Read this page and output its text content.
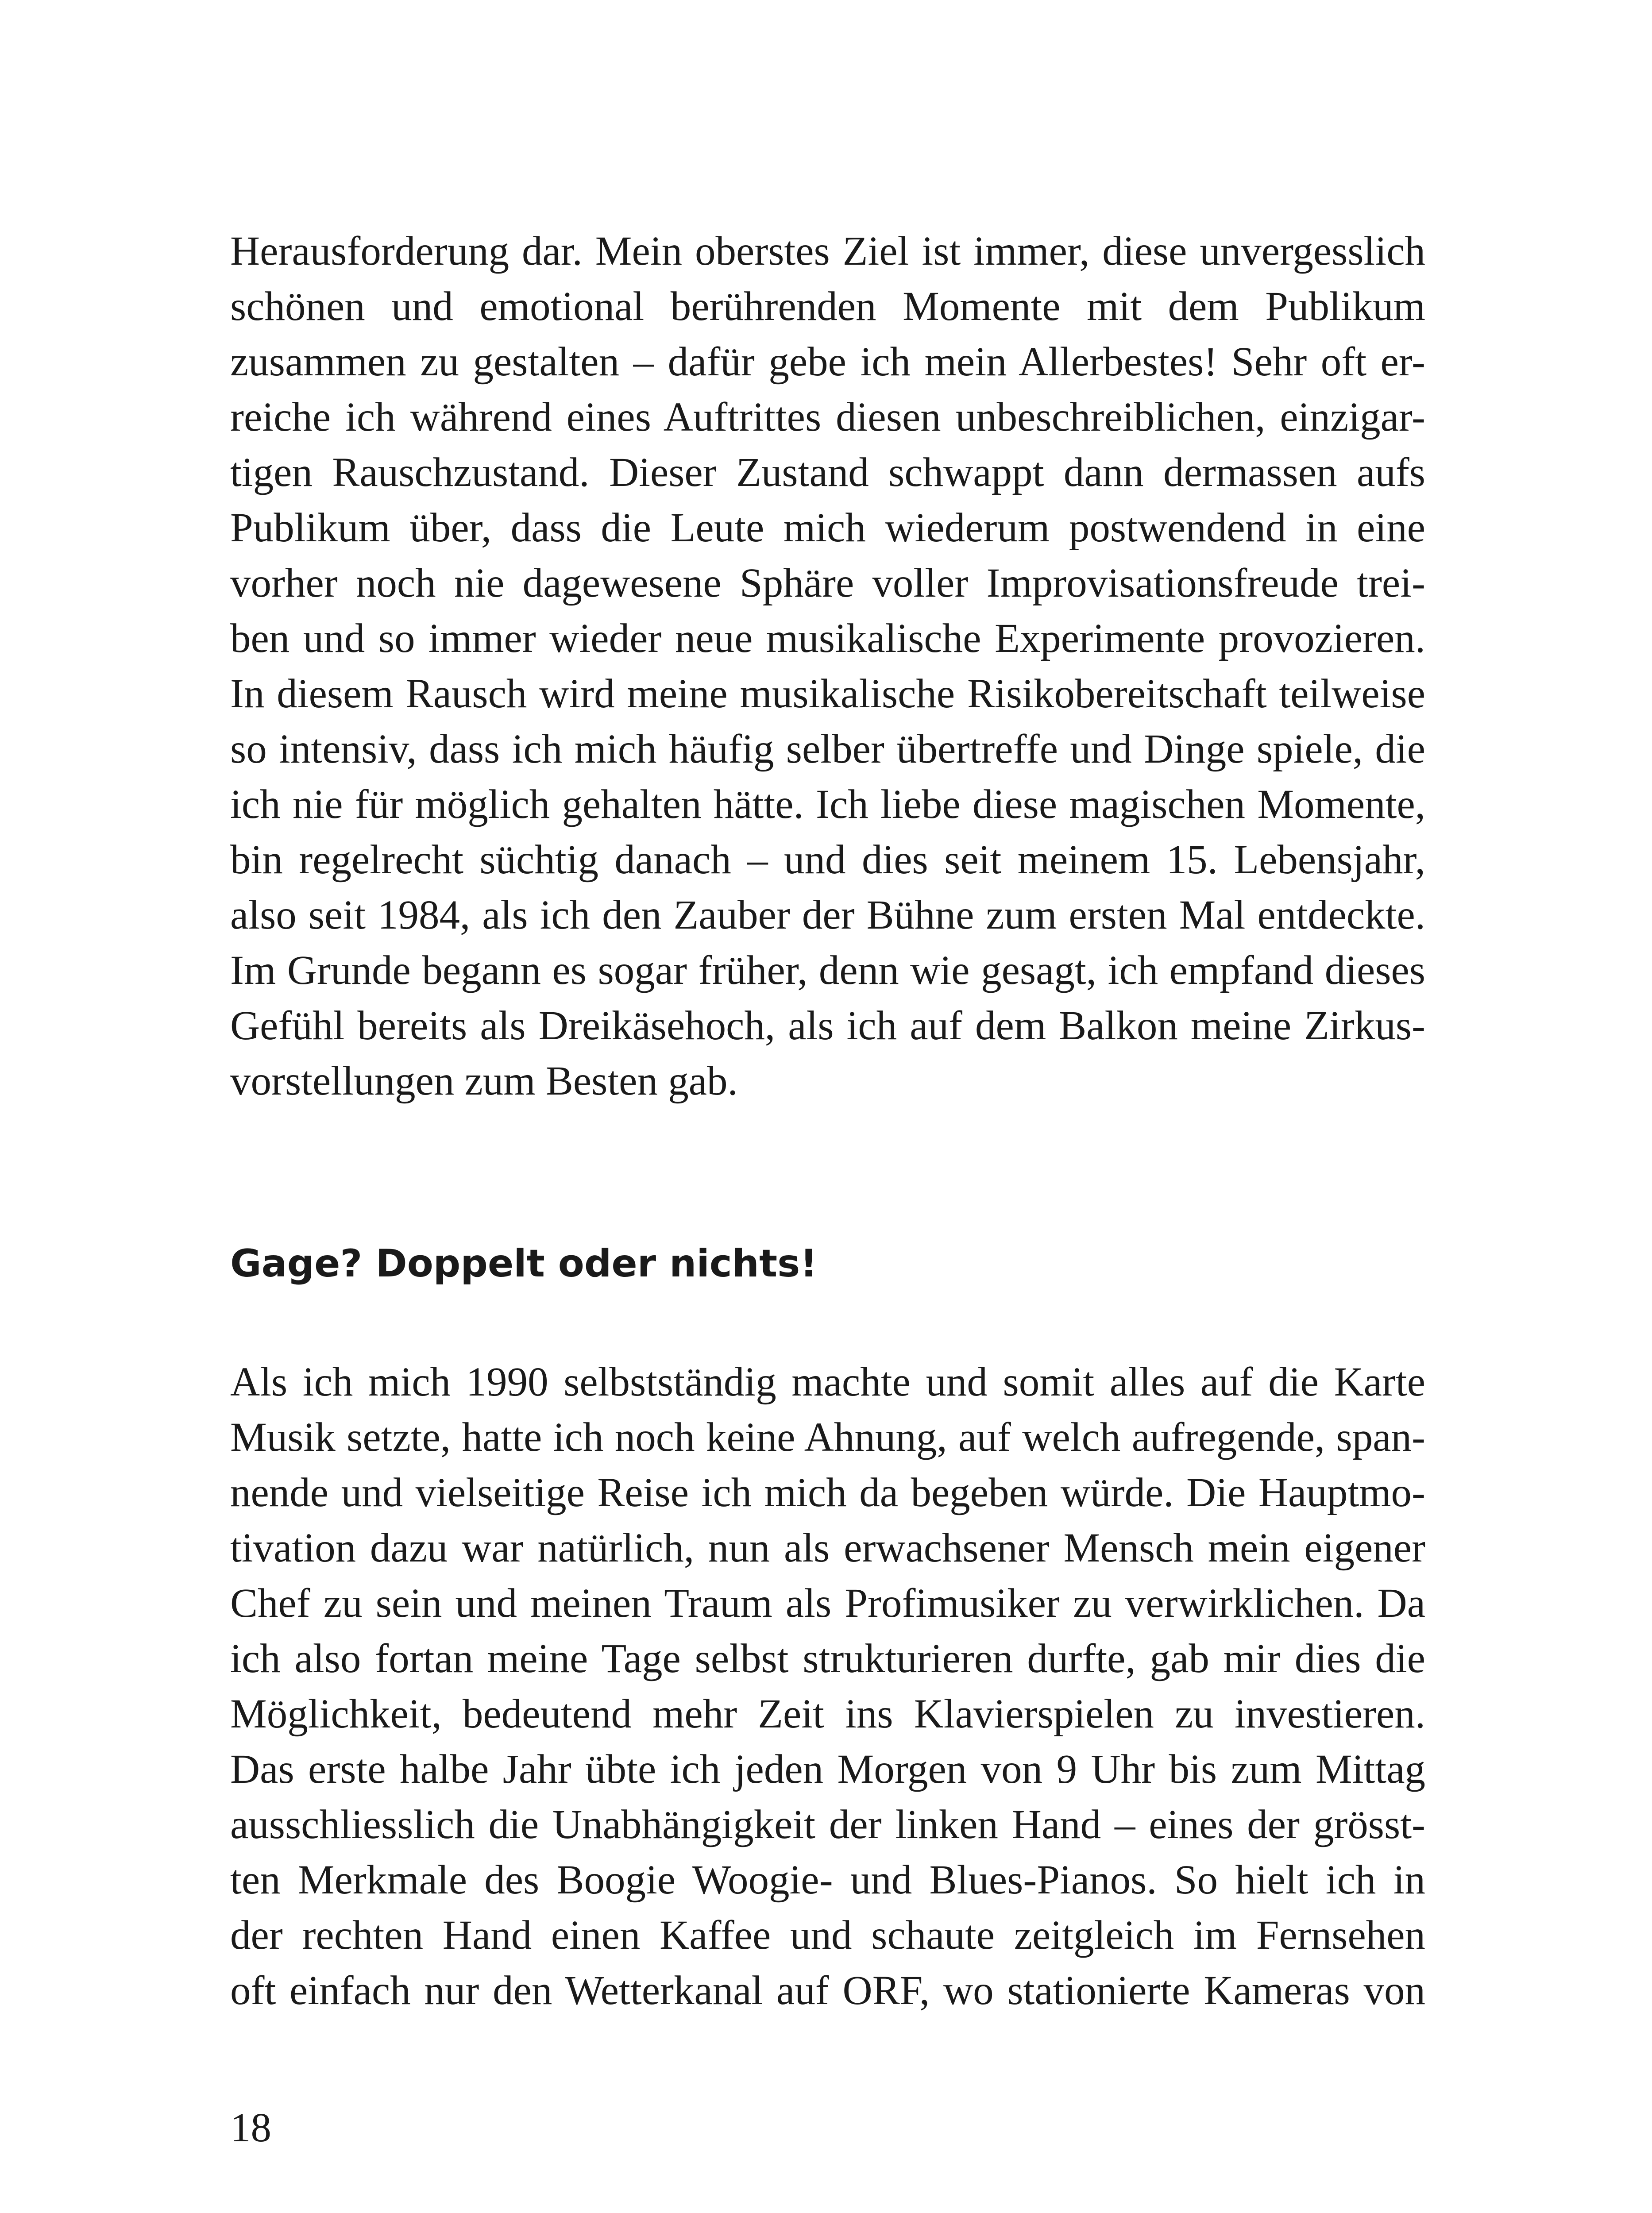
Herausforderung dar. Mein oberstes Ziel ist immer, diese unvergesslich
schönen und emotional berührenden Momente mit dem Publikum
zusammen zu gestalten – dafür gebe ich mein Allerbestes! Sehr oft er-
reiche ich während eines Auftrittes diesen unbeschreiblichen, einzigar-
tigen Rauschzustand. Dieser Zustand schwappt dann dermassen aufs
Publikum über, dass die Leute mich wiederum postwendend in eine
vorher noch nie dagewesene Sphäre voller Improvisationsfreude trei-
ben und so immer wieder neue musikalische Experimente provozieren.
In diesem Rausch wird meine musikalische Risikobereitschaft teilweise
so intensiv, dass ich mich häufig selber übertreffe und Dinge spiele, die
ich nie für möglich gehalten hätte. Ich liebe diese magischen Momente,
bin regelrecht süchtig danach – und dies seit meinem 15. Lebensjahr,
also seit 1984, als ich den Zauber der Bühne zum ersten Mal entdeckte.
Im Grunde begann es sogar früher, denn wie gesagt, ich empfand dieses
Gefühl bereits als Dreikäsehoch, als ich auf dem Balkon meine Zirkus-
vorstellungen zum Besten gab.
Gage? Doppelt oder nichts!
Als ich mich 1990 selbstständig machte und somit alles auf die Karte
Musik setzte, hatte ich noch keine Ahnung, auf welch aufregende, span-
nende und vielseitige Reise ich mich da begeben würde. Die Hauptmo-
tivation dazu war natürlich, nun als erwachsener Mensch mein eigener
Chef zu sein und meinen Traum als Profimusiker zu verwirklichen. Da
ich also fortan meine Tage selbst strukturieren durfte, gab mir dies die
Möglichkeit, bedeutend mehr Zeit ins Klavierspielen zu investieren.
Das erste halbe Jahr übte ich jeden Morgen von 9 Uhr bis zum Mittag
ausschliesslich die Unabhängigkeit der linken Hand – eines der grösst-
ten Merkmale des Boogie Woogie- und Blues-Pianos. So hielt ich in
der rechten Hand einen Kaffee und schaute zeitgleich im Fernsehen
oft einfach nur den Wetterkanal auf ORF, wo stationierte Kameras von
18
